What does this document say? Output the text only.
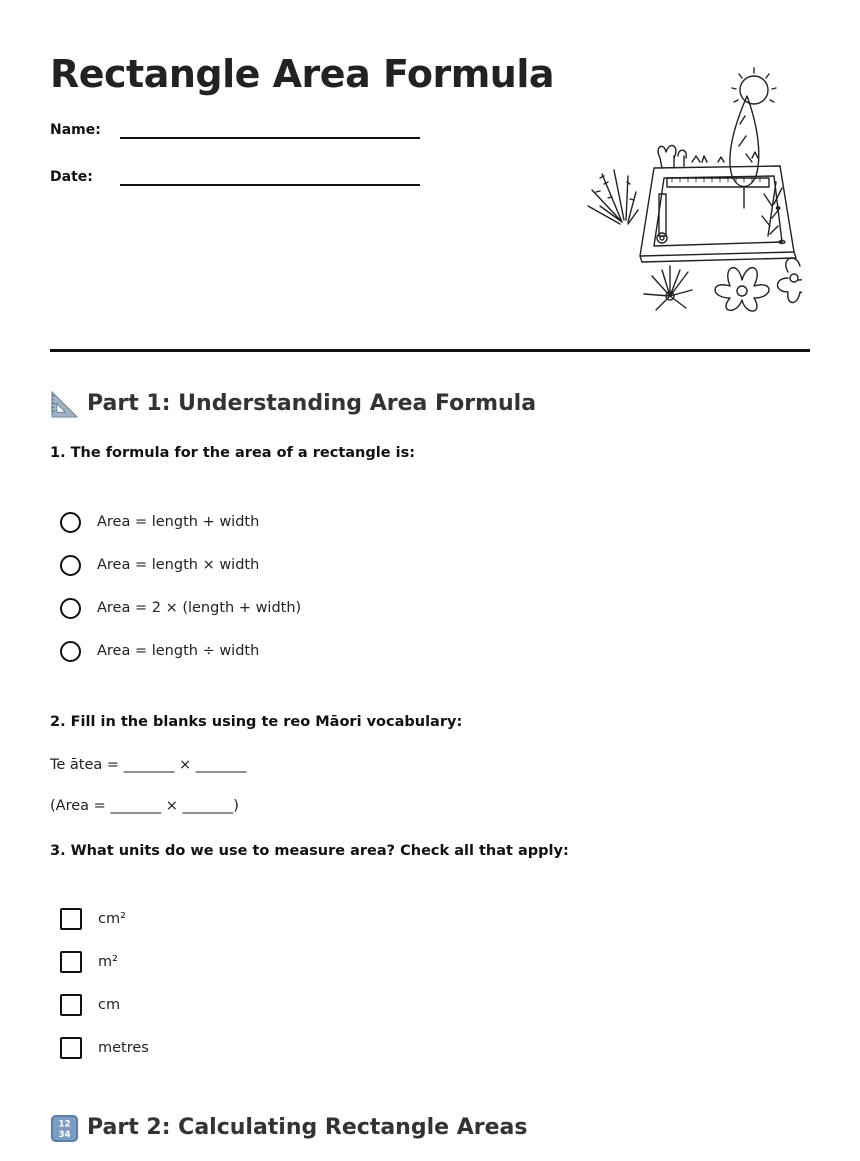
Rectangle Area Formula
Name:
Date:
Part 1: Understanding Area Formula
1. The formula for the area of a rectangle is:
Area = length + width
Area = length × width
Area = 2 × (length + width)
Area = length ÷ width
2. Fill in the blanks using te reo Māori vocabulary:
Te ātea = _______ × _______
(Area = _______ × _______)
3. What units do we use to measure area? Check all that apply:
cm²
m²
cm
metres
12
34 Part 2: Calculating Rectangle Areas
